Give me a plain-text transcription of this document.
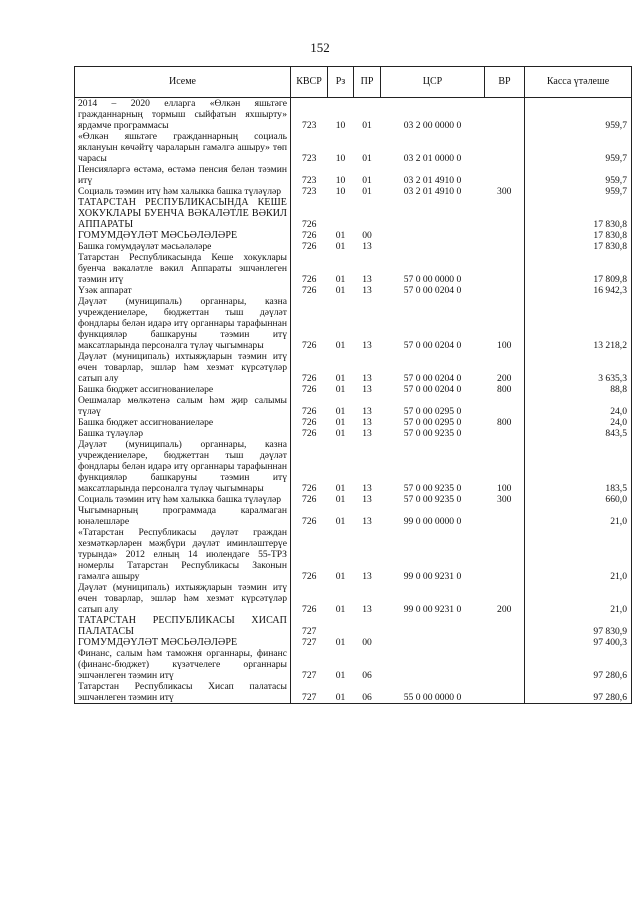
152
Исеме	КВСР	Рз	ПР	ЦСР	ВР	Касса үтәлеше
2014 – 2020 елларга «Өлкән яшьтәге гражданнарның тормыш сыйфатын яхшырту» ярдәмче программасы	723	10	01	03 2 00 0000 0		959,7
«Өлкән яшьтәге гражданнарның социаль яклануын көчәйтү чараларын гамәлгә ашыру» төп чарасы	723	10	01	03 2 01 0000 0		959,7
Пенсияләргә өстәмә, өстәмә пенсия белән тәэмин итү	723	10	01	03 2 01 4910 0		959,7
Социаль тәэмин итү һәм халыкка башка түләүләр	723	10	01	03 2 01 4910 0	300	959,7
ТАТАРСТАН РЕСПУБЛИКАСЫНДА КЕШЕ ХОКУКЛАРЫ БУЕНЧА ВӘКАЛӘТЛЕ ВӘКИЛ АППАРАТЫ	726					17 830,8
ГОМУМДӘҮЛӘТ МӘСЬӘЛӘЛӘРЕ	726	01	00			17 830,8
Башка гомумдәүләт мәсьәләләре	726	01	13			17 830,8
Татарстан Республикасында Кеше хокуклары буенча вәкаләтле вәкил Аппараты эшчәнлеген тәэмин итү	726	01	13	57 0 00 0000 0		17 809,8
Үзәк аппарат	726	01	13	57 0 00 0204 0		16 942,3
Дәүләт (муниципаль) органнары, казна учреждениеләре, бюджеттан тыш дәүләт фондлары белән идарә итү органнары тарафыннан функцияләр башкаруны тәэмин итү максатларында персоналга түләү чыгымнары	726	01	13	57 0 00 0204 0	100	13 218,2
Дәүләт (муниципаль) ихтыяҗларын тәэмин итү өчен товарлар, эшләр һәм хезмәт күрсәтүләр сатып алу	726	01	13	57 0 00 0204 0	200	3 635,3
Башка бюджет ассигнованиеләре	726	01	13	57 0 00 0204 0	800	88,8
Оешмалар мөлкәтенә салым һәм җир салымы түләү	726	01	13	57 0 00 0295 0		24,0
Башка бюджет ассигнованиеләре	726	01	13	57 0 00 0295 0	800	24,0
Башка түләүләр	726	01	13	57 0 00 9235 0		843,5
Дәүләт (муниципаль) органнары, казна учреждениеләре, бюджеттан тыш дәүләт фондлары белән идарә итү органнары тарафыннан функцияләр башкаруны тәэмин итү максатларында персоналга түләү чыгымнары	726	01	13	57 0 00 9235 0	100	183,5
Социаль тәэмин итү һәм халыкка башка түләүләр	726	01	13	57 0 00 9235 0	300	660,0
Чыгымнарның программада каралмаган юнәлешләре	726	01	13	99 0 00 0000 0		21,0
«Татарстан Республикасы дәүләт граждан хезмәткәрләрен мәҗбүри дәүләт иминләштерүе турында» 2012 елның 14 июлендәге 55-ТРЗ номерлы Татарстан Республикасы Законын гамәлгә ашыру	726	01	13	99 0 00 9231 0		21,0
Дәүләт (муниципаль) ихтыяҗларын тәэмин итү өчен товарлар, эшләр һәм хезмәт күрсәтүләр сатып алу	726	01	13	99 0 00 9231 0	200	21,0
ТАТАРСТАН РЕСПУБЛИКАСЫ ХИСАП ПАЛАТАСЫ	727					97 830,9
ГОМУМДӘҮЛӘТ МӘСЬӘЛӘЛӘРЕ	727	01	00			97 400,3
Финанс, салым һәм таможня органнары, финанс (финанс-бюджет) күзәтчелеге органнары эшчәнлеген тәэмин итү	727	01	06			97 280,6
Татарстан Республикасы Хисап палатасы эшчәнлеген тәэмин итү	727	01	06	55 0 00 0000 0		97 280,6
